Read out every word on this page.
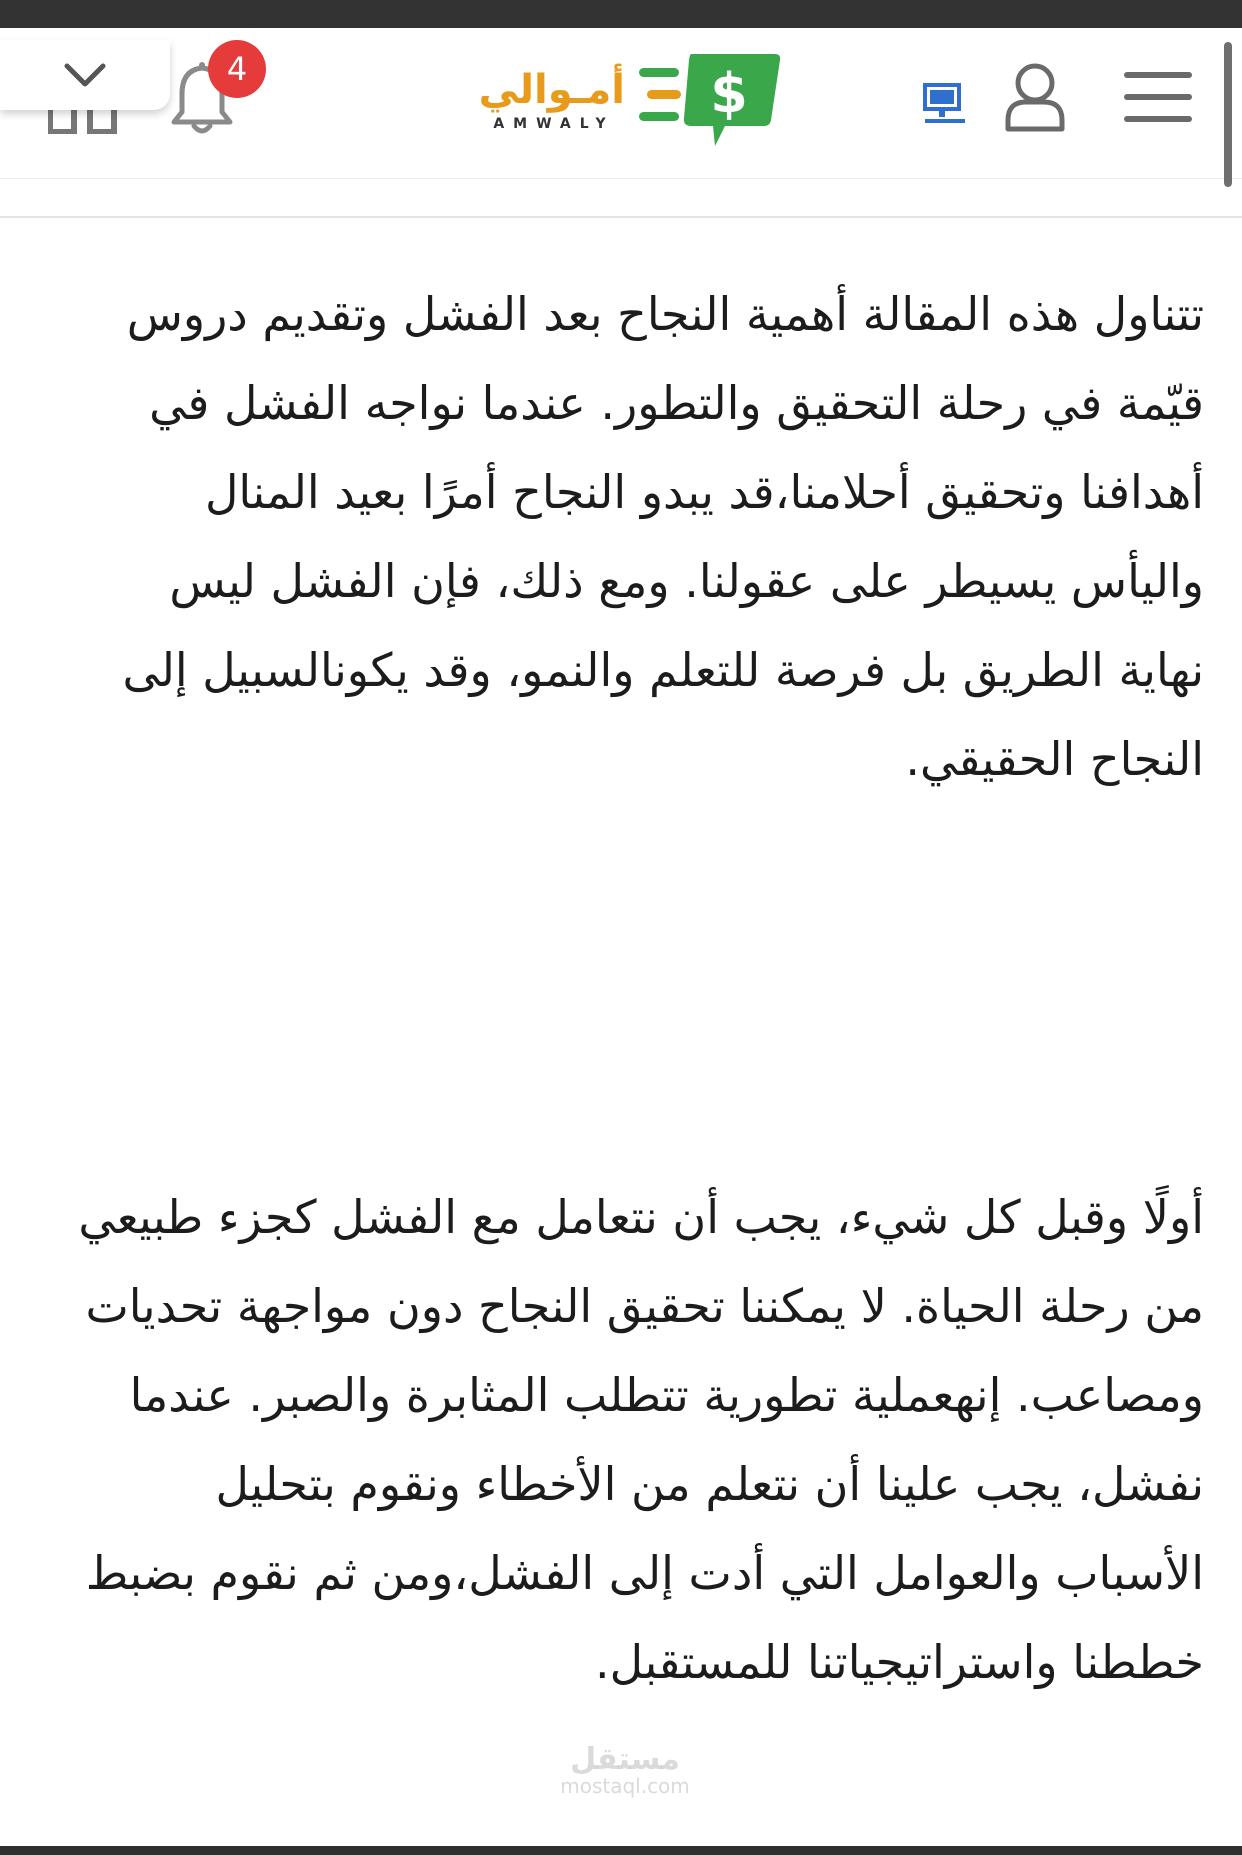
أمـوالي
AMWALY $
4

تتناول هذه المقالة أهمية النجاح بعد الفشل وتقديم دروس قيّمة في رحلة التحقيق والتطور. عندما نواجه الفشل في أهدافنا وتحقيق أحلامنا،قد يبدو النجاح أمرًا بعيد المنال واليأس يسيطر على عقولنا. ومع ذلك، فإن الفشل ليس نهاية الطريق بل فرصة للتعلم والنمو، وقد يكونالسبيل إلى النجاح الحقيقي.

أولًا وقبل كل شيء، يجب أن نتعامل مع الفشل كجزء طبيعي من رحلة الحياة. لا يمكننا تحقيق النجاح دون مواجهة تحديات ومصاعب. إنهعملية تطورية تتطلب المثابرة والصبر. عندما نفشل، يجب علينا أن نتعلم من الأخطاء ونقوم بتحليل الأسباب والعوامل التي أدت إلى الفشل،ومن ثم نقوم بضبط خططنا واستراتيجياتنا للمستقبل.

مستقل
mostaql.com
